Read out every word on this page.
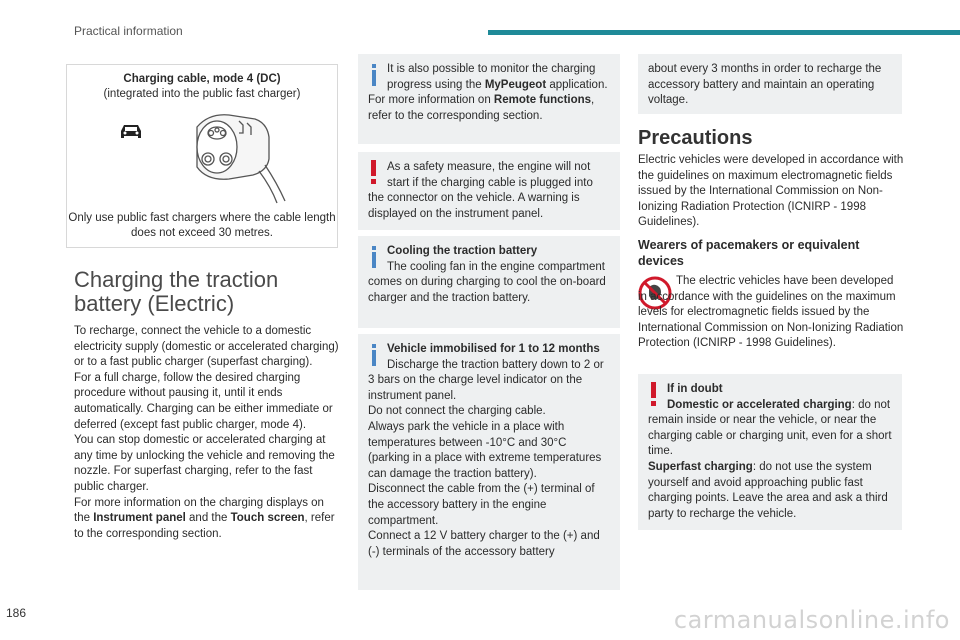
Practical information
Charging cable, mode 4 (DC)
(integrated into the public fast charger)
Only use public fast chargers where the cable length does not exceed 30 metres.
Charging the traction battery (Electric)
To recharge, connect the vehicle to a domestic electricity supply (domestic or accelerated charging) or to a fast public charger (superfast charging).
For a full charge, follow the desired charging procedure without pausing it, until it ends automatically. Charging can be either immediate or deferred (except fast public charger, mode 4).
You can stop domestic or accelerated charging at any time by unlocking the vehicle and removing the nozzle. For superfast charging, refer to the fast public charger.
For more information on the charging displays on the Instrument panel and the Touch screen, refer to the corresponding section.
It is also possible to monitor the charging progress using the MyPeugeot application.
For more information on Remote functions, refer to the corresponding section.
As a safety measure, the engine will not start if the charging cable is plugged into the connector on the vehicle. A warning is displayed on the instrument panel.
Cooling the traction battery
The cooling fan in the engine compartment comes on during charging to cool the on-board charger and the traction battery.
Vehicle immobilised for 1 to 12 months
Discharge the traction battery down to 2 or 3 bars on the charge level indicator on the instrument panel.
Do not connect the charging cable.
Always park the vehicle in a place with temperatures between -10°C and 30°C (parking in a place with extreme temperatures can damage the traction battery).
Disconnect the cable from the (+) terminal of the accessory battery in the engine compartment.
Connect a 12 V battery charger to the (+) and (-) terminals of the accessory battery
about every 3 months in order to recharge the accessory battery and maintain an operating voltage.
Precautions
Electric vehicles were developed in accordance with the guidelines on maximum electromagnetic fields issued by the International Commission on Non-Ionizing Radiation Protection (ICNIRP - 1998 Guidelines).
Wearers of pacemakers or equivalent devices
The electric vehicles have been developed in accordance with the guidelines on the maximum levels for electromagnetic fields issued by the International Commission on Non-Ionizing Radiation Protection (ICNIRP - 1998 Guidelines).
If in doubt
Domestic or accelerated charging: do not remain inside or near the vehicle, or near the charging cable or charging unit, even for a short time.
Superfast charging: do not use the system yourself and avoid approaching public fast charging points. Leave the area and ask a third party to recharge the vehicle.
186	carmanualsonline.info
